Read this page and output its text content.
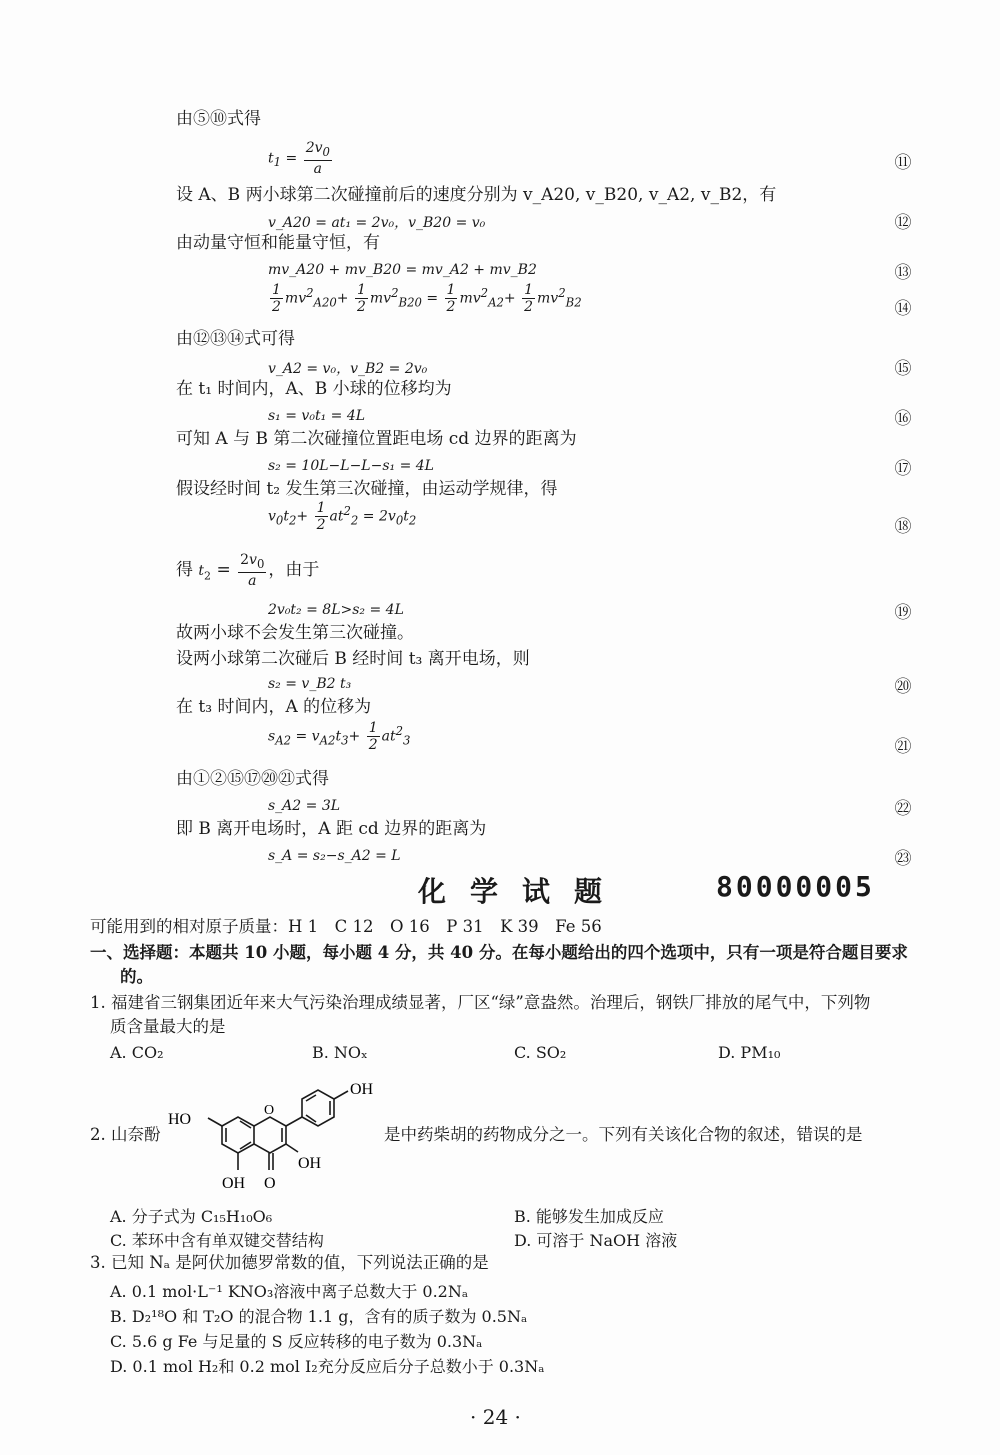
由⑤⑩式得
$t_1 = \frac{2v_0}{a}$	⑪
设 A、B 两小球第二次碰撞前后的速度分别为 v_A20, v_B20, v_A2, v_B2，有
v_A20 = at₁ = 2v₀，v_B20 = v₀	⑫
由动量守恒和能量守恒，有
mv_A20 + mv_B20 = mv_A2 + mv_B2	⑬
$\frac{1}{2} mv^2_{A20}+ \frac{1}{2} mv^2_{B20} = \frac{1}{2} mv^2_{A2}+ \frac{1}{2} mv^2_{B2}$	⑭
由⑫⑬⑭式可得
v_A2 = v₀，v_B2 = 2v₀	⑮
在 t₁ 时间内，A、B 小球的位移均为
s₁ = v₀t₁ = 4L	⑯
可知 A 与 B 第二次碰撞位置距电场 cd 边界的距离为
s₂ = 10L−L−L−s₁ = 4L	⑰
假设经时间 t₂ 发生第三次碰撞，由运动学规律，得
$v_0t_2+ \frac{1}{2} at^2_2 = 2v_0t_2$	⑱
得 $t_2 = \frac{2v_0}{a}$ ，由于
2v₀t₂ = 8L>s₂ = 4L	⑲
故两小球不会发生第三次碰撞。
设两小球第二次碰后 B 经时间 t₃ 离开电场，则
s₂ = v_B2 t₃	⑳
在 t₃ 时间内，A 的位移为
$s_{A2} = v_{A2}t_3+ \frac{1}{2} at^2_3$	㉑
由①②⑮⑰⑳㉑式得
s_A2 = 3L	㉒
即 B 离开电场时，A 距 cd 边界的距离为
s_A = s₂−s_A2 = L	㉓
化学试题	80000005
可能用到的相对原子质量：H 1　C 12　O 16　P 31　K 39　Fe 56
一、选择题：本题共 10 小题，每小题 4 分，共 40 分。在每小题给出的四个选项中，只有一项是符合题目要求
的。
1. 福建省三钢集团近年来大气污染治理成绩显著，厂区“绿”意盎然。治理后，钢铁厂排放的尾气中，下列物
质含量最大的是
A. CO₂	B. NOₓ	C. SO₂	D. PM₁₀
2. 山奈酚
HO
O
OH
OH
OH O
是中药柴胡的药物成分之一。下列有关该化合物的叙述，错误的是
A. 分子式为 C₁₅H₁₀O₆	B. 能够发生加成反应
C. 苯环中含有单双键交替结构	D. 可溶于 NaOH 溶液
3. 已知 Nₐ 是阿伏加德罗常数的值，下列说法正确的是
A. 0.1 mol·L⁻¹ KNO₃溶液中离子总数大于 0.2Nₐ
B. D₂¹⁸O 和 T₂O 的混合物 1.1 g，含有的质子数为 0.5Nₐ
C. 5.6 g Fe 与足量的 S 反应转移的电子数为 0.3Nₐ
D. 0.1 mol H₂和 0.2 mol I₂充分反应后分子总数小于 0.3Nₐ
· 24 ·
